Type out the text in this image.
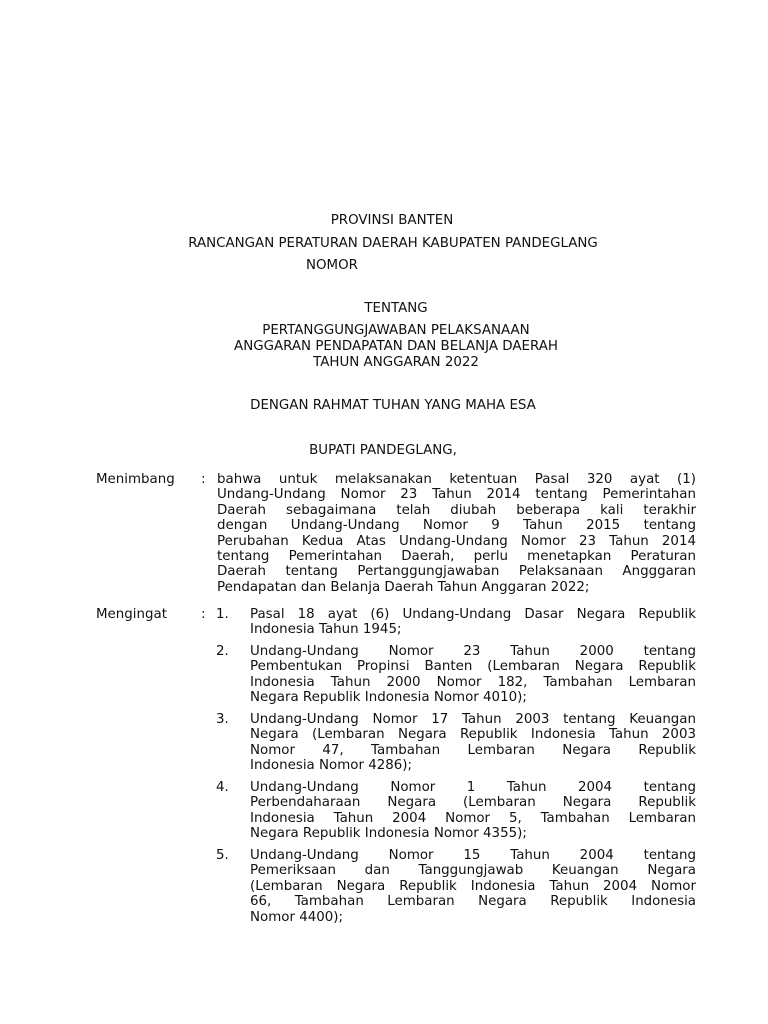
PROVINSI BANTEN
RANCANGAN PERATURAN DAERAH KABUPATEN PANDEGLANG
NOMOR
TENTANG
PERTANGGUNGJAWABAN PELAKSANAAN
ANGGARAN PENDAPATAN DAN BELANJA DAERAH
TAHUN ANGGARAN 2022
DENGAN RAHMAT TUHAN YANG MAHA ESA
BUPATI PANDEGLANG,
Menimbang : bahwa untuk melaksanakan ketentuan Pasal 320 ayat (1)
Undang-Undang Nomor 23 Tahun 2014 tentang Pemerintahan
Daerah sebagaimana telah diubah beberapa kali terakhir
dengan Undang-Undang Nomor 9 Tahun 2015 tentang
Perubahan Kedua Atas Undang-Undang Nomor 23 Tahun 2014
tentang Pemerintahan Daerah, perlu menetapkan Peraturan
Daerah tentang Pertanggungjawaban Pelaksanaan Angggaran
Pendapatan dan Belanja Daerah Tahun Anggaran 2022;
Mengingat	: 1. Pasal 18 ayat (6) Undang-Undang Dasar Negara Republik
Indonesia Tahun 1945;
2. Undang-Undang Nomor 23 Tahun 2000 tentang
Pembentukan Propinsi Banten (Lembaran Negara Republik
Indonesia Tahun 2000 Nomor 182, Tambahan Lembaran
Negara Republik Indonesia Nomor 4010);
3. Undang-Undang Nomor 17 Tahun 2003 tentang Keuangan
Negara (Lembaran Negara Republik Indonesia Tahun 2003
Nomor 47, Tambahan Lembaran Negara Republik
Indonesia Nomor 4286);
4. Undang-Undang Nomor 1 Tahun 2004 tentang
Perbendaharaan Negara (Lembaran Negara Republik
Indonesia Tahun 2004 Nomor 5, Tambahan Lembaran
Negara Republik Indonesia Nomor 4355);
5. Undang-Undang Nomor 15 Tahun 2004 tentang
Pemeriksaan dan Tanggungjawab Keuangan Negara
(Lembaran Negara Republik Indonesia Tahun 2004 Nomor
66, Tambahan Lembaran Negara Republik Indonesia
Nomor 4400);
